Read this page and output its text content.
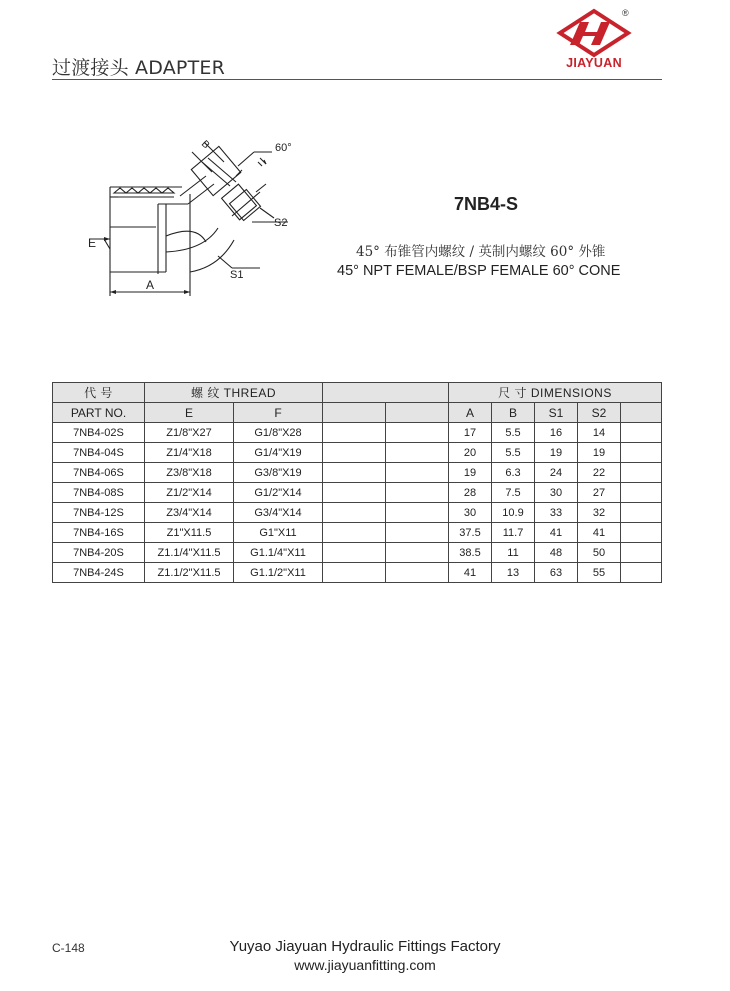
过渡接头 ADAPTER
®
JIAYUAN
60°
B
S2
E
S1
A
7NB4-S
45° 布锥管内螺纹 / 英制内螺纹 60° 外锥
45° NPT FEMALE/BSP FEMALE 60° CONE
代 号	螺 纹 THREAD				尺 寸 DIMENSIONS				
PART NO.	E	F			A	B	S1	S2	
7NB4-02S	Z1/8"X27	G1/8"X28			17	5.5	16	14	
7NB4-04S	Z1/4"X18	G1/4"X19			20	5.5	19	19	
7NB4-06S	Z3/8"X18	G3/8"X19			19	6.3	24	22	
7NB4-08S	Z1/2"X14	G1/2"X14			28	7.5	30	27	
7NB4-12S	Z3/4"X14	G3/4"X14			30	10.9	33	32	
7NB4-16S	Z1"X11.5	G1"X11			37.5	11.7	41	41	
7NB4-20S	Z1.1/4"X11.5	G1.1/4"X11			38.5	11	48	50	
7NB4-24S	Z1.1/2"X11.5	G1.1/2"X11			41	13	63	55	
C-148	Yuyao Jiayuan Hydraulic Fittings Factory
www.jiayuanfitting.com
